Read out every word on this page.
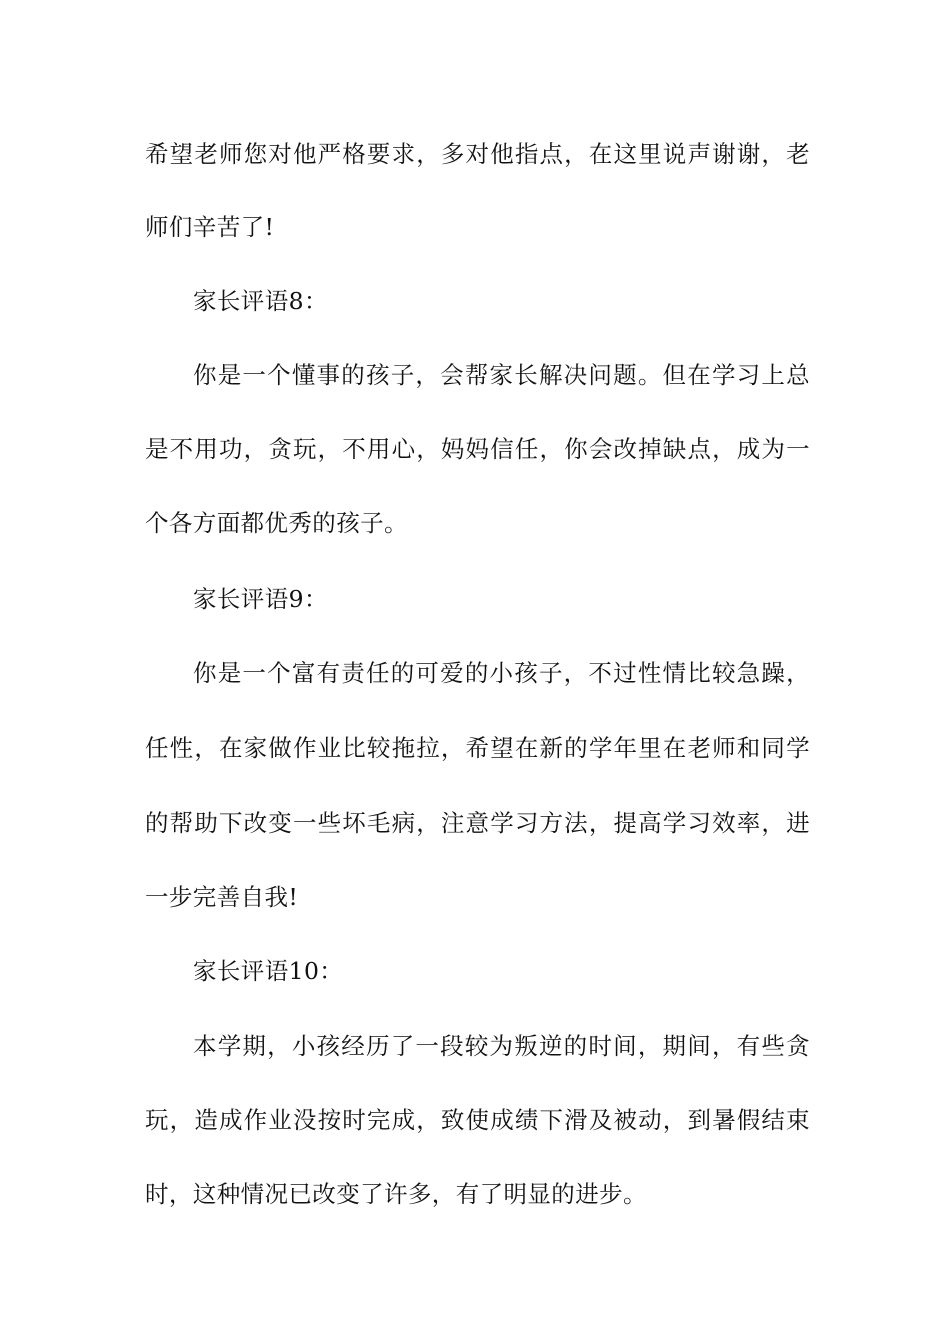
希望老师您对他严格要求，多对他指点，在这里说声谢谢，老
师们辛苦了!
家长评语8：
你是一个懂事的孩子，会帮家长解决问题。但在学习上总
是不用功，贪玩，不用心，妈妈信任，你会改掉缺点，成为一
个各方面都优秀的孩子。
家长评语9：
你是一个富有责任的可爱的小孩子，不过性情比较急躁，
任性，在家做作业比较拖拉，希望在新的学年里在老师和同学
的帮助下改变一些坏毛病，注意学习方法，提高学习效率，进
一步完善自我!
家长评语10：
本学期，小孩经历了一段较为叛逆的时间，期间，有些贪
玩，造成作业没按时完成，致使成绩下滑及被动，到暑假结束
时，这种情况已改变了许多，有了明显的进步。
